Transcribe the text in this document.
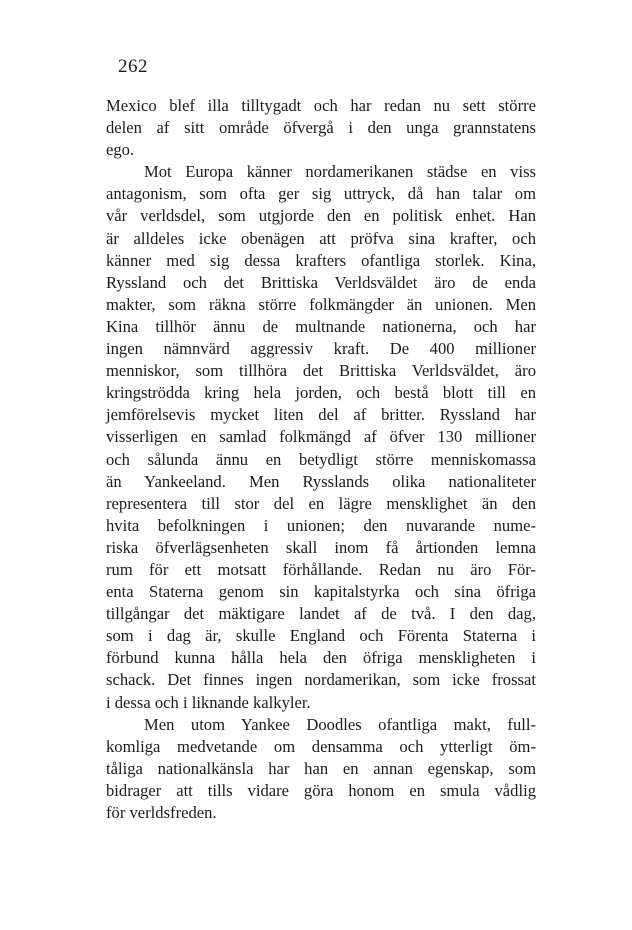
262
Mexico blef illa tilltygadt och har redan nu sett större
delen af sitt område öfvergå i den unga grannstatens
ego.
Mot Europa känner nordamerikanen städse en viss
antagonism, som ofta ger sig uttryck, då han talar om
vår verldsdel, som utgjorde den en politisk enhet. Han
är alldeles icke obenägen att pröfva sina krafter, och
känner med sig dessa krafters ofantliga storlek. Kina,
Ryssland och det Brittiska Verldsväldet äro de enda
makter, som räkna större folkmängder än unionen. Men
Kina tillhör ännu de multnande nationerna, och har
ingen nämnvärd aggressiv kraft. De 400 millioner
menniskor, som tillhöra det Brittiska Verldsväldet, äro
kringströdda kring hela jorden, och bestå blott till en
jemförelsevis mycket liten del af britter. Ryssland har
visserligen en samlad folkmängd af öfver 130 millioner
och sålunda ännu en betydligt större menniskomassa
än Yankeeland. Men Rysslands olika nationaliteter
representera till stor del en lägre mensklighet än den
hvita befolkningen i unionen; den nuvarande nume-
riska öfverlägsenheten skall inom få årtionden lemna
rum för ett motsatt förhållande. Redan nu äro För-
enta Staterna genom sin kapitalstyrka och sina öfriga
tillgångar det mäktigare landet af de två. I den dag,
som i dag är, skulle England och Förenta Staterna i
förbund kunna hålla hela den öfriga menskligheten i
schack. Det finnes ingen nordamerikan, som icke frossat
i dessa och i liknande kalkyler.
Men utom Yankee Doodles ofantliga makt, full-
komliga medvetande om densamma och ytterligt öm-
tåliga nationalkänsla har han en annan egenskap, som
bidrager att tills vidare göra honom en smula vådlig
för verldsfreden.
